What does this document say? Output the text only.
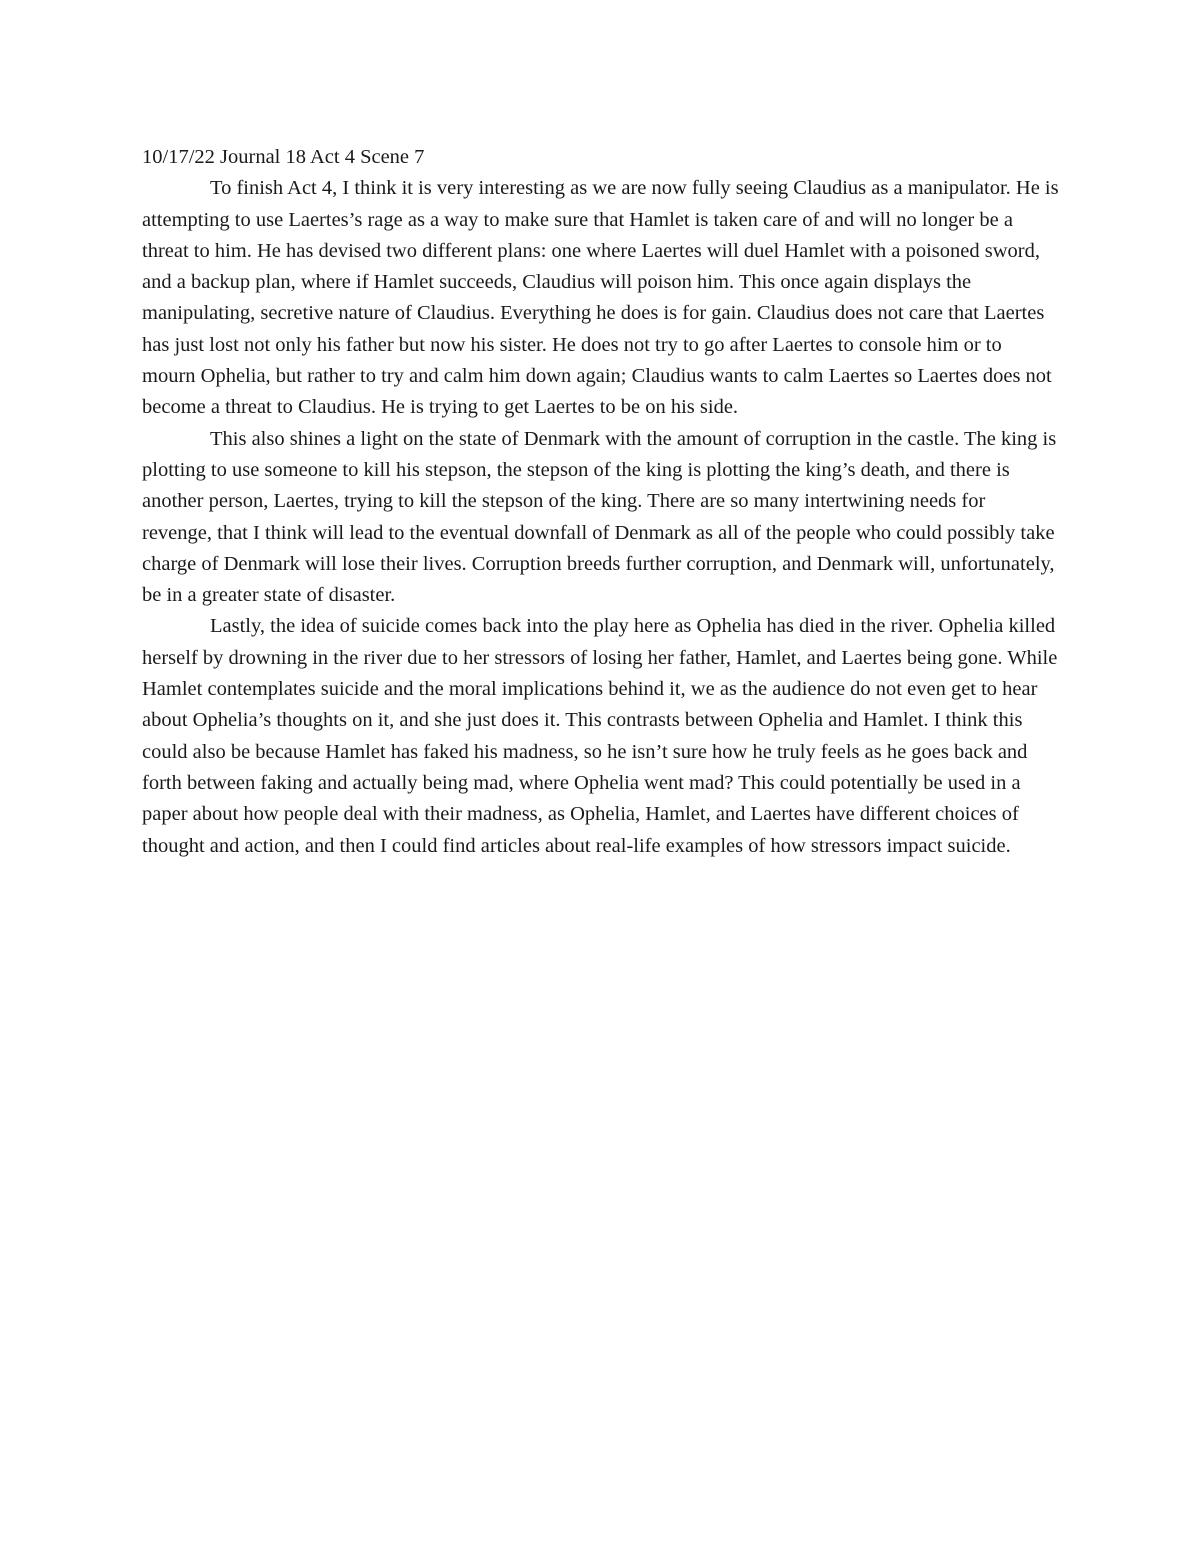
10/17/22 Journal 18 Act 4 Scene 7

To finish Act 4, I think it is very interesting as we are now fully seeing Claudius as a manipulator. He is attempting to use Laertes’s rage as a way to make sure that Hamlet is taken care of and will no longer be a threat to him. He has devised two different plans: one where Laertes will duel Hamlet with a poisoned sword, and a backup plan, where if Hamlet succeeds, Claudius will poison him. This once again displays the manipulating, secretive nature of Claudius. Everything he does is for gain. Claudius does not care that Laertes has just lost not only his father but now his sister. He does not try to go after Laertes to console him or to mourn Ophelia, but rather to try and calm him down again; Claudius wants to calm Laertes so Laertes does not become a threat to Claudius. He is trying to get Laertes to be on his side.

This also shines a light on the state of Denmark with the amount of corruption in the castle. The king is plotting to use someone to kill his stepson, the stepson of the king is plotting the king’s death, and there is another person, Laertes, trying to kill the stepson of the king. There are so many intertwining needs for revenge, that I think will lead to the eventual downfall of Denmark as all of the people who could possibly take charge of Denmark will lose their lives. Corruption breeds further corruption, and Denmark will, unfortunately, be in a greater state of disaster.

Lastly, the idea of suicide comes back into the play here as Ophelia has died in the river. Ophelia killed herself by drowning in the river due to her stressors of losing her father, Hamlet, and Laertes being gone. While Hamlet contemplates suicide and the moral implications behind it, we as the audience do not even get to hear about Ophelia’s thoughts on it, and she just does it. This contrasts between Ophelia and Hamlet. I think this could also be because Hamlet has faked his madness, so he isn’t sure how he truly feels as he goes back and forth between faking and actually being mad, where Ophelia went mad? This could potentially be used in a paper about how people deal with their madness, as Ophelia, Hamlet, and Laertes have different choices of thought and action, and then I could find articles about real-life examples of how stressors impact suicide.
